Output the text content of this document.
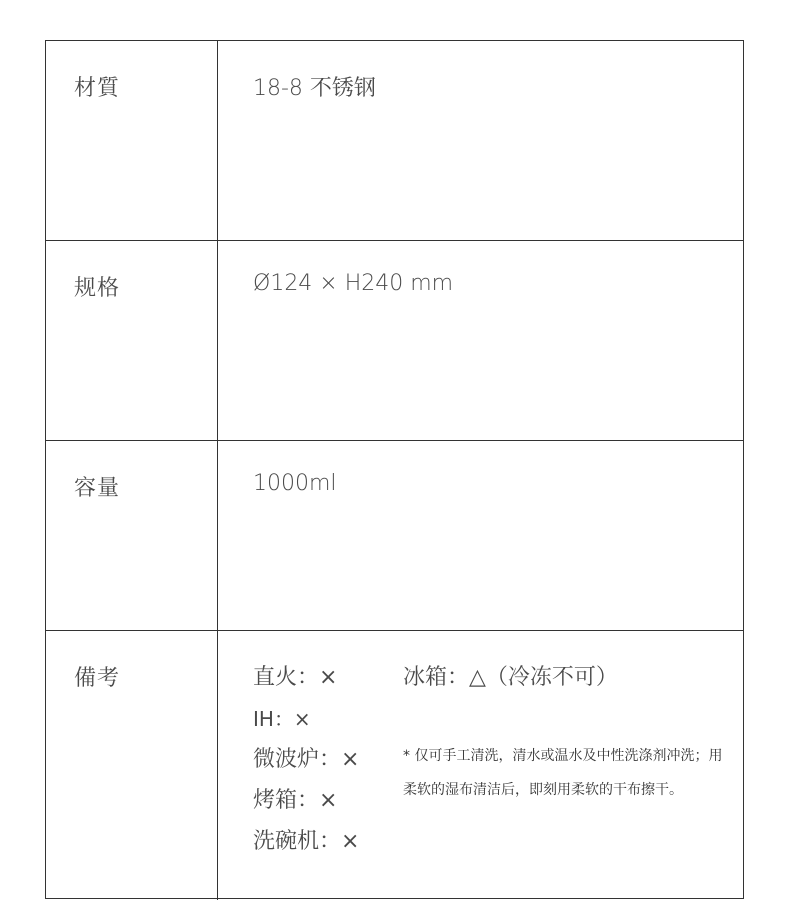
材質	18-8 不锈钢
规格	Ø124 × H240 mm
容量	1000ml
備考	直火：×
IH：×
微波炉：×
烤箱：×
洗碗机：×
冰箱：△（冷冻不可）
* 仅可手工清洗，清水或温水及中性洗涤剂冲洗；用柔软的湿布清洁后，即刻用柔软的干布擦干。
